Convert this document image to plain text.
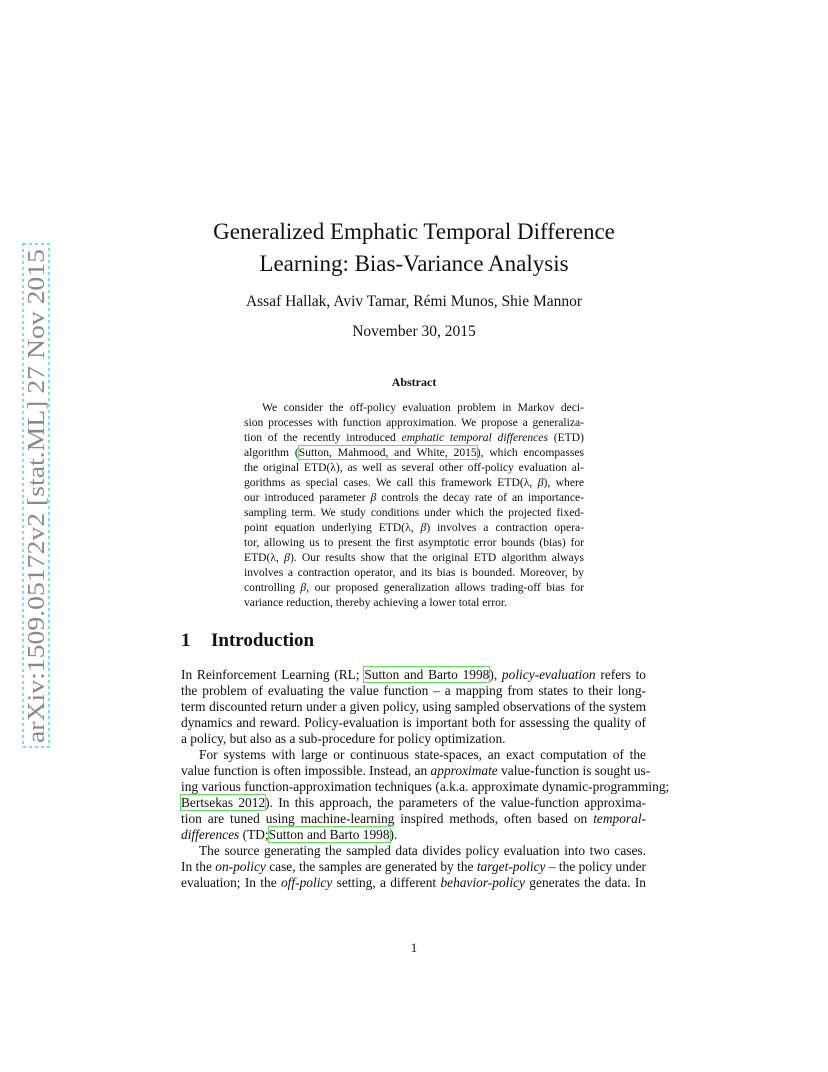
arXiv:1509.05172v2 [stat.ML] 27 Nov 2015
Generalized Emphatic Temporal Difference
Learning: Bias-Variance Analysis
Assaf Hallak, Aviv Tamar, Rémi Munos, Shie Mannor
November 30, 2015
Abstract
We consider the off-policy evaluation problem in Markov deci-
sion processes with function approximation. We propose a generaliza-
tion of the recently introduced emphatic temporal differences (ETD)
algorithm (Sutton, Mahmood, and White, 2015), which encompasses
the original ETD(λ), as well as several other off-policy evaluation al-
gorithms as special cases. We call this framework ETD(λ, β), where
our introduced parameter β controls the decay rate of an importance-
sampling term. We study conditions under which the projected fixed-
point equation underlying ETD(λ, β) involves a contraction opera-
tor, allowing us to present the first asymptotic error bounds (bias) for
ETD(λ, β). Our results show that the original ETD algorithm always
involves a contraction operator, and its bias is bounded. Moreover, by
controlling β, our proposed generalization allows trading-off bias for
variance reduction, thereby achieving a lower total error.
1 Introduction
In Reinforcement Learning (RL; Sutton and Barto 1998), policy-evaluation refers to
the problem of evaluating the value function – a mapping from states to their long-
term discounted return under a given policy, using sampled observations of the system
dynamics and reward. Policy-evaluation is important both for assessing the quality of
a policy, but also as a sub-procedure for policy optimization.
For systems with large or continuous state-spaces, an exact computation of the
value function is often impossible. Instead, an approximate value-function is sought us-
ing various function-approximation techniques (a.k.a. approximate dynamic-programming;
Bertsekas 2012). In this approach, the parameters of the value-function approxima-
tion are tuned using machine-learning inspired methods, often based on temporal-
differences (TD;Sutton and Barto 1998).
The source generating the sampled data divides policy evaluation into two cases.
In the on-policy case, the samples are generated by the target-policy – the policy under
evaluation; In the off-policy setting, a different behavior-policy generates the data. In
1
